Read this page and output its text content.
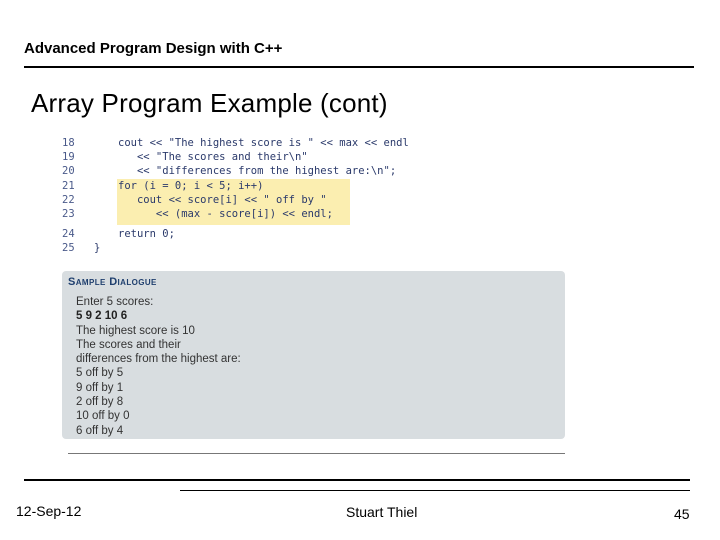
Advanced Program Design with C++
Array Program Example (cont)
18	cout << "The highest score is " << max << endl
19	<< "The scores and their\n"
20	<< "differences from the highest are:\n";
21	for (i = 0; i < 5; i++)
22	cout << score[i] << " off by "
23	<< (max - score[i]) << endl;
24	return 0;
25 }
Sample Dialogue
Enter 5 scores:
5 9 2 10 6
The highest score is 10
The scores and their
differences from the highest are:
5 off by 5
9 off by 1
2 off by 8
10 off by 0
6 off by 4
12-Sep-12	Stuart Thiel	45
